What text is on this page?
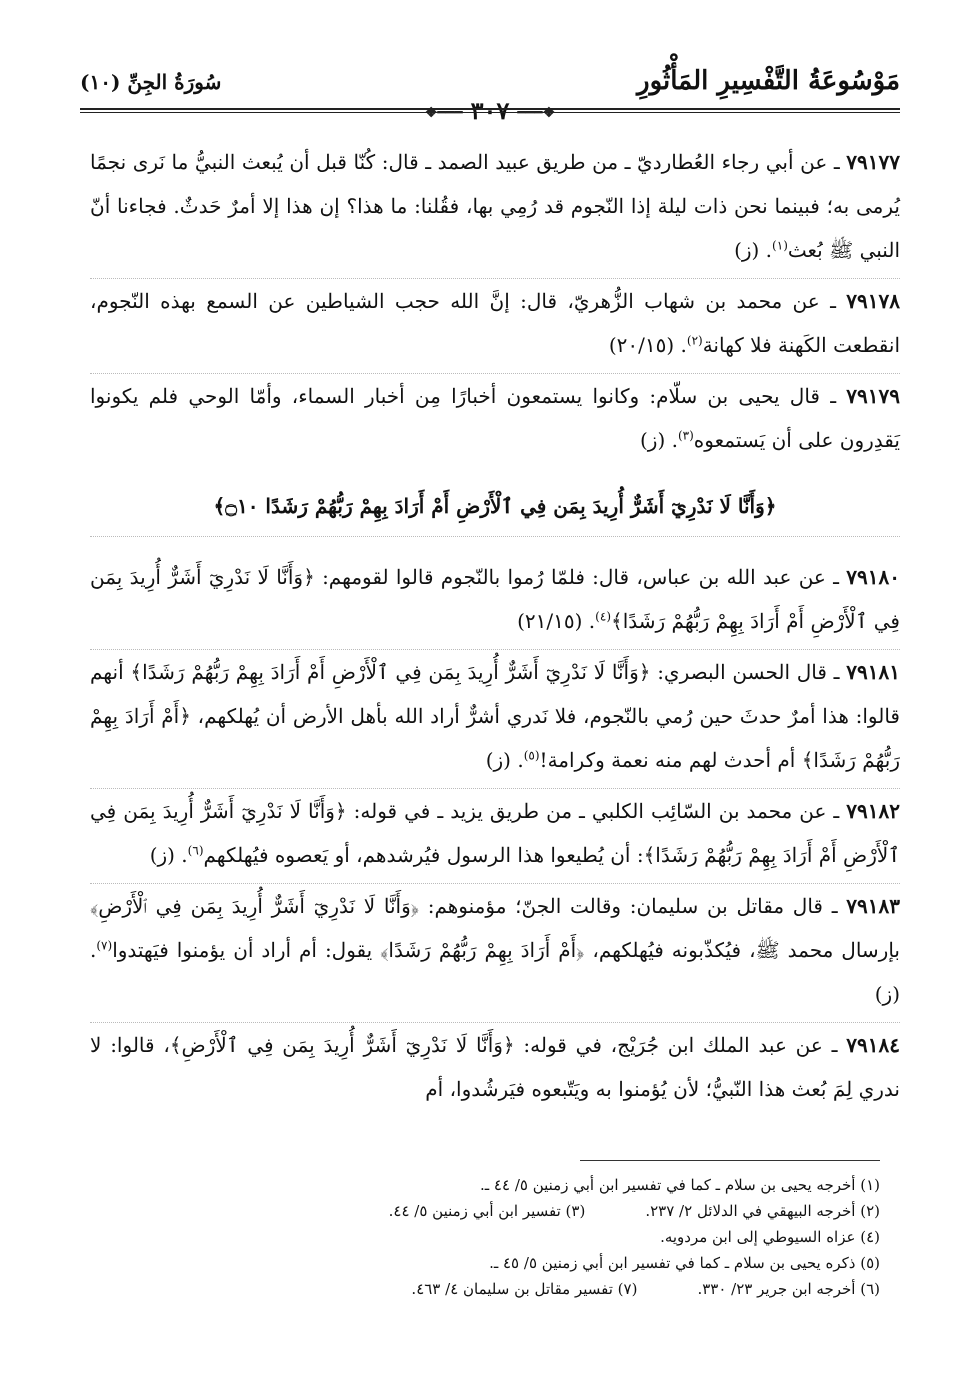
مَوْسُوعَةُ التَّفْسِيرِ المَأْثُورِ
سُورَةُ الجِنِّ (١٠)
❖━━━٣٠٧━━━❖

٧٩١٧٧ ـ عن أبي رجاء العُطارديّ ـ من طريق عبيد الصمد ـ قال: كُنّا قبل أن يُبعث النبيُّ ما نَرى نجمًا يُرمى به؛ فبينما نحن ذات ليلة إذا النّجوم قد رُمِي بها، فقُلنا: ما هذا؟ إن هذا إلا أمرٌ حَدثٌ. فجاءنا أنّ النبي ﷺ بُعث$^{(١)}$. (ز)

٧٩١٧٨ ـ عن محمد بن شهاب الزُّهريّ، قال: إنَّ الله حجب الشياطين عن السمع بهذه النّجوم، انقطعت الكَهنة فلا كهانة$^{(٢)}$. (٢٠/١٥)

٧٩١٧٩ ـ قال يحيى بن سلّام: وكانوا يستمعون أخبارًا مِن أخبار السماء، وأمّا الوحي فلم يكونوا يَقدِرون على أن يَستمعوه$^{(٣)}$. (ز)

﴿وَأَنَّا لَا نَدْرِيٓ أَشَرٌّ أُرِيدَ بِمَن فِي ٱلْأَرْضِ أَمْ أَرَادَ بِهِمْ رَبُّهُمْ رَشَدًا ۝١٠﴾

٧٩١٨٠ ـ عن عبد الله بن عباس، قال: فلمّا رُموا بالنّجوم قالوا لقومهم: ﴿وَأَنَّا لَا نَدْرِيٓ أَشَرٌّ أُرِيدَ بِمَن فِي ٱلْأَرْضِ أَمْ أَرَادَ بِهِمْ رَبُّهُمْ رَشَدًا﴾$^{(٤)}$. (٢١/١٥)

٧٩١٨١ ـ قال الحسن البصري: ﴿وَأَنَّا لَا نَدْرِيٓ أَشَرٌّ أُرِيدَ بِمَن فِي ٱلْأَرْضِ أَمْ أَرَادَ بِهِمْ رَبُّهُمْ رَشَدًا﴾ أنهم قالوا: هذا أمرٌ حدثَ حين رُمي بالنّجوم، فلا نَدري أشرٌّ أراد الله بأهل الأرض أن يُهلكهم، ﴿أَمْ أَرَادَ بِهِمْ رَبُّهُمْ رَشَدًا﴾ أم أحدث لهم منه نعمة وكرامة!$^{(٥)}$. (ز)

٧٩١٨٢ ـ عن محمد بن السّائِب الكلبي ـ من طريق يزيد ـ في قوله: ﴿وَأَنَّا لَا نَدْرِيٓ أَشَرٌّ أُرِيدَ بِمَن فِي ٱلْأَرْضِ أَمْ أَرَادَ بِهِمْ رَبُّهُمْ رَشَدًا﴾: أن يُطيعوا هذا الرسول فيُرشدهم، أو يَعصوه فيُهلكهم$^{(٦)}$. (ز)

٧٩١٨٣ ـ قال مقاتل بن سليمان: وقالت الجنّ؛ مؤمنوهم: ﴿وَأَنَّا لَا نَدْرِيٓ أَشَرٌّ أُرِيدَ بِمَن فِي ٱلْأَرْضِ﴾ بإرسال محمد ﷺ، فيُكذّبونه فيُهلكهم، ﴿أَمْ أَرَادَ بِهِمْ رَبُّهُمْ رَشَدًا﴾ يقول: أم أراد أن يؤمنوا فيَهتدوا$^{(٧)}$. (ز)

٧٩١٨٤ ـ عن عبد الملك ابن جُرَيْج، في قوله: ﴿وَأَنَّا لَا نَدْرِيٓ أَشَرٌّ أُرِيدَ بِمَن فِي ٱلْأَرْضِ﴾، قالوا: لا ندري لِمَ بُعث هذا النّبيُّ؛ لأن يُؤمنوا به ويَتّبعوه فيَرشُدوا، أم

(١) أخرجه يحيى بن سلام ـ كما في تفسير ابن أبي زمنين ٥/ ٤٤ ـ.
(٢) أخرجه البيهقي في الدلائل ٢/ ٢٣٧.
(٣) تفسير ابن أبي زمنين ٥/ ٤٤.
(٤) عزاه السيوطي إلى ابن مردويه.
(٥) ذكره يحيى بن سلام ـ كما في تفسير ابن أبي زمنين ٥/ ٤٥ ـ.
(٦) أخرجه ابن جرير ٢٣/ ٣٣٠.
(٧) تفسير مقاتل بن سليمان ٤/ ٤٦٣.
